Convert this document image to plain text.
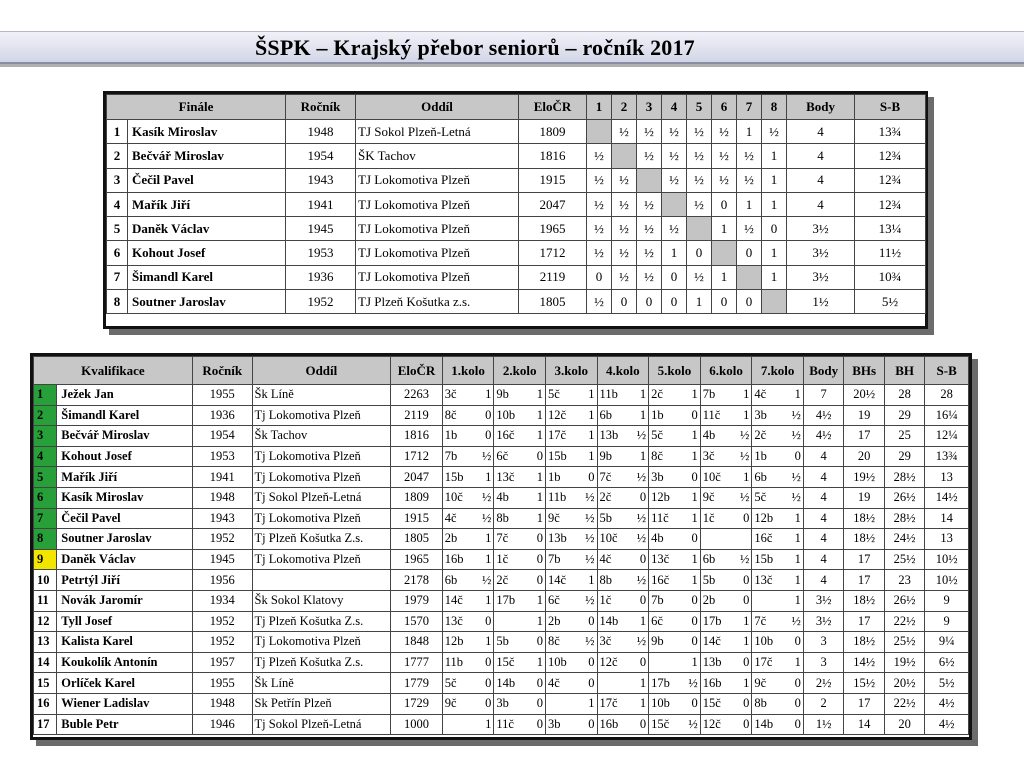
ŠSPK – Krajský přebor seniorů – ročník 2017
Finále		Ročník	Oddíl	EloČR	1	2	3	4	5	6	7	8	Body	S-B
1	Kasík Miroslav	1948	TJ Sokol Plzeň-Letná	1809		½	½	½	½	½	1	½	4	13¾
2	Bečvář Miroslav	1954	ŠK Tachov	1816	½		½	½	½	½	½	1	4	12¾
3	Čečil Pavel	1943	TJ Lokomotiva Plzeň	1915	½	½		½	½	½	½	1	4	12¾
4	Mařík Jiří	1941	TJ Lokomotiva Plzeň	2047	½	½	½		½	0	1	1	4	12¾
5	Daněk Václav	1945	TJ Lokomotiva Plzeň	1965	½	½	½	½		1	½	0	3½	13¼
6	Kohout Josef	1953	TJ Lokomotiva Plzeň	1712	½	½	½	1	0		0	1	3½	11½
7	Šimandl Karel	1936	TJ Lokomotiva Plzeň	2119	0	½	½	0	½	1		1	3½	10¾
8	Soutner Jaroslav	1952	TJ Plzeň Košutka z.s.	1805	½	0	0	0	1	0	0		1½	5½
Kvalifikace		Ročník	Oddíl	EloČR	1.kolo	2.kolo	3.kolo	4.kolo	5.kolo	6.kolo	7.kolo	Body	BHs	BH	S-B
1	Ježek Jan	1955	Šk Líně	2263	3č 1	9b 1	5č 1	11b 1	2č 1	7b 1	4č 1	7	20½	28	28
2	Šimandl Karel	1936	Tj Lokomotiva Plzeň	2119	8č 0	10b 1	12č 1	6b 1	1b 0	11č 1	3b ½	4½	19	29	16¼
3	Bečvář Miroslav	1954	Šk Tachov	1816	1b 0	16č 1	17č 1	13b ½	5č 1	4b ½	2č ½	4½	17	25	12¼
4	Kohout Josef	1953	Tj Lokomotiva Plzeň	1712	7b ½	6č 0	15b 1	9b 1	8č 1	3č ½	1b 0	4	20	29	13¾
5	Mařík Jiří	1941	Tj Lokomotiva Plzeň	2047	15b 1	13č 1	1b 0	7č ½	3b 0	10č 1	6b ½	4	19½	28½	13
6	Kasík Miroslav	1948	Tj Sokol Plzeň-Letná	1809	10č ½	4b 1	11b ½	2č 0	12b 1	9č ½	5č ½	4	19	26½	14½
7	Čečil Pavel	1943	Tj Lokomotiva Plzeň	1915	4č ½	8b 1	9č ½	5b ½	11č 1	1č 0	12b 1	4	18½	28½	14
8	Soutner Jaroslav	1952	Tj Plzeň Košutka Z.s.	1805	2b 1	7č 0	13b ½	10č ½	4b 0		16č 1	4	18½	24½	13
9	Daněk Václav	1945	Tj Lokomotiva Plzeň	1965	16b 1	1č 0	7b ½	4č 0	13č 1	6b ½	15b 1	4	17	25½	10½
10	Petrtýl Jiří	1956		2178	6b ½	2č 0	14č 1	8b ½	16č 1	5b 0	13č 1	4	17	23	10½
11	Novák Jaromír	1934	Šk Sokol Klatovy	1979	14č 1	17b 1	6č ½	1č 0	7b 0	2b 0	1	3½	18½	26½	9
12	Tyll Josef	1952	Tj Plzeň Košutka Z.s.	1570	13č 0	1	2b 0	14b 1	6č 0	17b 1	7č ½	3½	17	22½	9
13	Kalista Karel	1952	Tj Lokomotiva Plzeň	1848	12b 1	5b 0	8č ½	3č ½	9b 0	14č 1	10b 0	3	18½	25½	9¼
14	Koukolík Antonín	1957	Tj Plzeň Košutka Z.s.	1777	11b 0	15č 1	10b 0	12č 0	1	13b 0	17č 1	3	14½	19½	6½
15	Orlíček Karel	1955	Šk Líně	1779	5č 0	14b 0	4č 0	1	17b ½	16b 1	9č 0	2½	15½	20½	5½
16	Wiener Ladislav	1948	Sk Petřín Plzeň	1729	9č 0	3b 0	1	17č 1	10b 0	15č 0	8b 0	2	17	22½	4½
17	Buble Petr	1946	Tj Sokol Plzeň-Letná	1000	1	11č 0	3b 0	16b 0	15č ½	12č 0	14b 0	1½	14	20	4½
